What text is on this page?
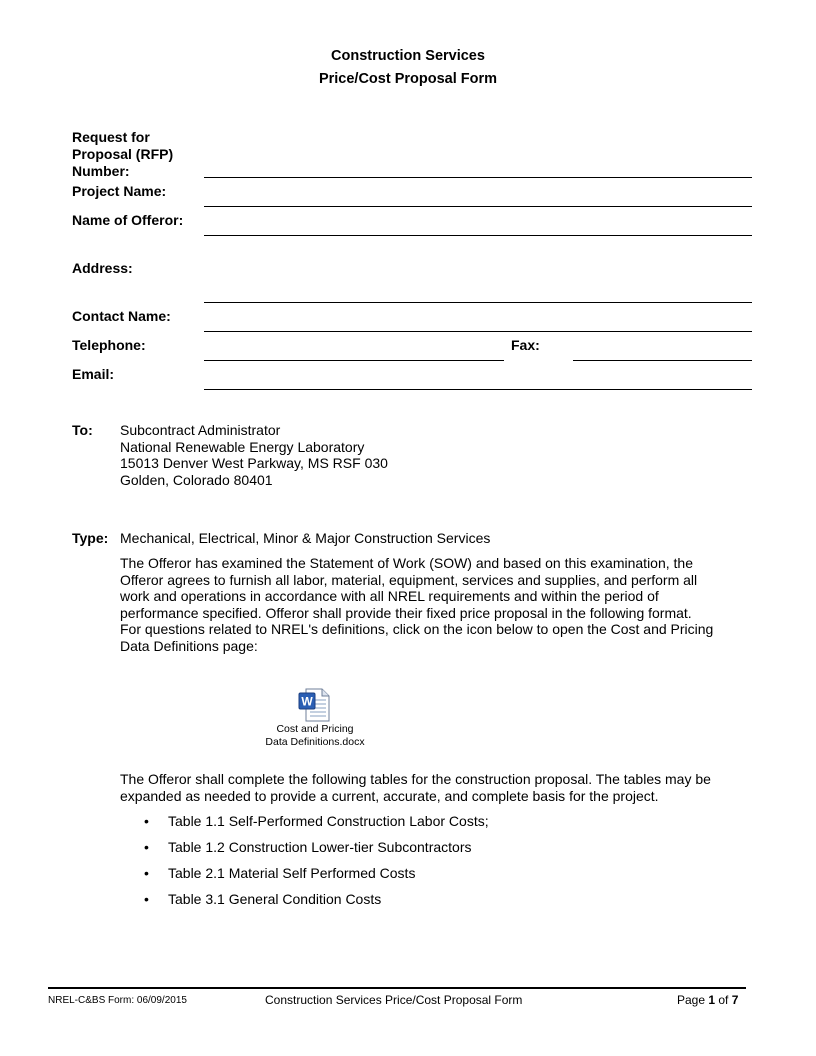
Construction Services
Price/Cost Proposal Form
Request for
Proposal (RFP)
Number:
Project Name:
Name of Offeror:
Address:
Contact Name:
Telephone:	Fax:
Email:
To: Subcontract Administrator
National Renewable Energy Laboratory
15013 Denver West Parkway, MS RSF 030
Golden, Colorado 80401
Type: Mechanical, Electrical, Minor & Major Construction Services
The Offeror has examined the Statement of Work (SOW) and based on this examination, the
Offeror agrees to furnish all labor, material, equipment, services and supplies, and perform all
work and operations in accordance with all NREL requirements and within the period of
performance specified. Offeror shall provide their fixed price proposal in the following format.
For questions related to NREL's definitions, click on the icon below to open the Cost and Pricing
Data Definitions page:
W
Cost and Pricing
Data Definitions.docx
The Offeror shall complete the following tables for the construction proposal. The tables may be
expanded as needed to provide a current, accurate, and complete basis for the project.
• Table 1.1 Self-Performed Construction Labor Costs;
• Table 1.2 Construction Lower-tier Subcontractors
• Table 2.1 Material Self Performed Costs
• Table 3.1 General Condition Costs
NREL-C&BS Form: 06/09/2015	Construction Services Price/Cost Proposal Form	Page 1 of 7
